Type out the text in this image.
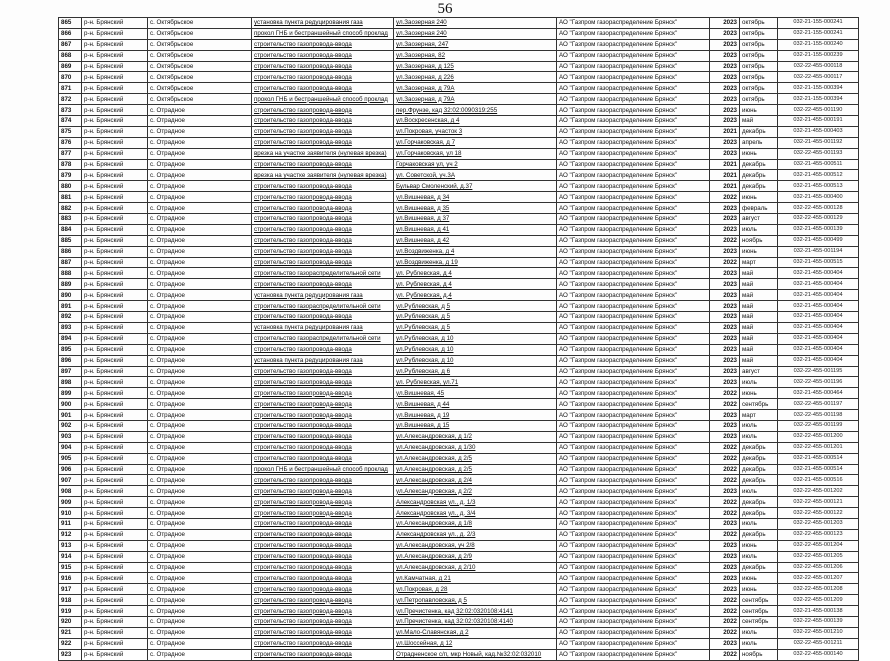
56
865	р-н. Брянский	с. Октябрьское	установка пункта редуцирования газа	ул.Заозерная 240	АО "Газпром газораспределение Брянск"	2023	октябрь	032-21-155-000241
866	р-н. Брянский	с. Октябрьское	прокол ГНБ и бестраншейный способ проклад	ул.Заозерная 240	АО "Газпром газораспределение Брянск"	2023	октябрь	032-21-155-000241
867	р-н. Брянский	с. Октябрьское	строительство газопровода-ввода	ул.Заозерная, 247	АО "Газпром газораспределение Брянск"	2023	октябрь	032-21-155-000240
868	р-н. Брянский	с. Октябрьское	строительство газопровода-ввода	ул.Заозерная, 82	АО "Газпром газораспределение Брянск"	2023	октябрь	032-21-155-000239
869	р-н. Брянский	с. Октябрьское	строительство газопровода-ввода	ул.Заозерная, д 125	АО "Газпром газораспределение Брянск"	2023	октябрь	032-22-455-000118
870	р-н. Брянский	с. Октябрьское	строительство газопровода-ввода	ул.Заозерная, д 226	АО "Газпром газораспределение Брянск"	2023	октябрь	032-22-455-000117
871	р-н. Брянский	с. Октябрьское	строительство газопровода-ввода	ул.Заозерная, д 79А	АО "Газпром газораспределение Брянск"	2023	октябрь	032-21-155-000394
872	р-н. Брянский	с. Октябрьское	прокол ГНБ и бестраншейный способ проклад	ул.Заозерная, д 79А	АО "Газпром газораспределение Брянск"	2023	октябрь	032-21-155-000394
873	р-н. Брянский	с. Отрадное	строительство газопровода-ввода	пер.Фрунзе, кад 32:02:0090319:255	АО "Газпром газораспределение Брянск"	2023	июнь	032-22-455-001190
874	р-н. Брянский	с. Отрадное	строительство газопровода-ввода	ул.Воскресенская, д 4	АО "Газпром газораспределение Брянск"	2023	май	032-21-455-000191
875	р-н. Брянский	с. Отрадное	строительство газопровода-ввода	ул.Покровая, участок 3	АО "Газпром газораспределение Брянск"	2021	декабрь	032-21-455-000403
876	р-н. Брянский	с. Отрадное	строительство газопровода-ввода	ул.Горчаковская, д 7	АО "Газпром газораспределение Брянск"	2023	апрель	032-21-455-001192
877	р-н. Брянский	с. Отрадное	врезка на участке заявителя (нулевая врезка)	ул.Горчаковская, ул 18	АО "Газпром газораспределение Брянск"	2023	июнь	032-22-455-001193
878	р-н. Брянский	с. Отрадное	строительство газопровода-ввода	Горчаковская ул, уч 2	АО "Газпром газораспределение Брянск"	2021	декабрь	032-21-455-000511
879	р-н. Брянский	с. Отрадное	врезка на участке заявителя (нулевая врезка)	ул. Советской, уч.3А	АО "Газпром газораспределение Брянск"	2021	декабрь	032-21-455-000512
880	р-н. Брянский	с. Отрадное	строительство газопровода-ввода	Бульвар Смоленский, д.37	АО "Газпром газораспределение Брянск"	2021	декабрь	032-21-455-000513
881	р-н. Брянский	с. Отрадное	строительство газопровода-ввода	ул.Вишневая, д 34	АО "Газпром газораспределение Брянск"	2022	июнь	032-21-455-000400
882	р-н. Брянский	с. Отрадное	строительство газопровода-ввода	ул.Вишневая, д 35	АО "Газпром газораспределение Брянск"	2023	февраль	032-22-455-000128
883	р-н. Брянский	с. Отрадное	строительство газопровода-ввода	ул.Вишневая, д 37	АО "Газпром газораспределение Брянск"	2023	август	032-22-455-000129
884	р-н. Брянский	с. Отрадное	строительство газопровода-ввода	ул.Вишневая, д 41	АО "Газпром газораспределение Брянск"	2023	июль	032-21-455-000139
885	р-н. Брянский	с. Отрадное	строительство газопровода-ввода	ул.Вишневая, д 42	АО "Газпром газораспределение Брянск"	2022	ноябрь	032-21-455-000499
886	р-н. Брянский	с. Отрадное	строительство газопровода-ввода	ул.Воздвиженка, д 4	АО "Газпром газораспределение Брянск"	2023	июнь	032-21-455-001194
887	р-н. Брянский	с. Отрадное	строительство газопровода-ввода	ул.Воздвиженка, д 19	АО "Газпром газораспределение Брянск"	2022	март	032-21-455-000515
888	р-н. Брянский	с. Отрадное	строительство газораспределительной сети	ул. Рублевская, д 4	АО "Газпром газораспределение Брянск"	2023	май	032-21-455-000404
889	р-н. Брянский	с. Отрадное	строительство газопровода-ввода	ул. Рублевская, д 4	АО "Газпром газораспределение Брянск"	2023	май	032-21-455-000404
890	р-н. Брянский	с. Отрадное	установка пункта редуцирования газа	ул. Рублевская, д.4	АО "Газпром газораспределение Брянск"	2023	май	032-21-455-000404
891	р-н. Брянский	с. Отрадное	строительство газораспределительной сети	ул.Рублевская, д 5	АО "Газпром газораспределение Брянск"	2023	май	032-21-455-000404
892	р-н. Брянский	с. Отрадное	строительство газопровода-ввода	ул.Рублевская, д 5	АО "Газпром газораспределение Брянск"	2023	май	032-21-455-000404
893	р-н. Брянский	с. Отрадное	установка пункта редуцирования газа	ул.Рублевская, д 5	АО "Газпром газораспределение Брянск"	2023	май	032-21-455-000404
894	р-н. Брянский	с. Отрадное	строительство газораспределительной сети	ул.Рублевская, д 10	АО "Газпром газораспределение Брянск"	2023	май	032-21-455-000404
895	р-н. Брянский	с. Отрадное	строительство газопровода-ввода	ул.Рублевская, д 10	АО "Газпром газораспределение Брянск"	2023	май	032-21-455-000404
896	р-н. Брянский	с. Отрадное	установка пункта редуцирования газа	ул.Рублевская, д 10	АО "Газпром газораспределение Брянск"	2023	май	032-21-455-000404
897	р-н. Брянский	с. Отрадное	строительство газопровода-ввода	ул.Рублевская, д 6	АО "Газпром газораспределение Брянск"	2023	август	032-22-455-001195
898	р-н. Брянский	с. Отрадное	строительство газопровода-ввода	ул. Рублевская, ул.71	АО "Газпром газораспределение Брянск"	2023	июль	032-22-455-001196
899	р-н. Брянский	с. Отрадное	строительство газопровода-ввода	ул.Вишневая, 45	АО "Газпром газораспределение Брянск"	2022	июнь	032-21-455-000464
900	р-н. Брянский	с. Отрадное	строительство газопровода-ввода	ул.Вишневая, д 44	АО "Газпром газораспределение Брянск"	2022	сентябрь	032-22-455-001197
901	р-н. Брянский	с. Отрадное	строительство газопровода-ввода	ул.Вишневая, д 19	АО "Газпром газораспределение Брянск"	2023	март	032-22-455-001198
902	р-н. Брянский	с. Отрадное	строительство газопровода-ввода	ул.Вишневая, д 15	АО "Газпром газораспределение Брянск"	2023	июль	032-22-455-001199
903	р-н. Брянский	с. Отрадное	строительство газопровода-ввода	ул.Александровская, д 1/2	АО "Газпром газораспределение Брянск"	2023	июль	032-22-455-001200
904	р-н. Брянский	с. Отрадное	строительство газопровода-ввода	ул.Александровская, д 1/30	АО "Газпром газораспределение Брянск"	2022	декабрь	032-22-455-001201
905	р-н. Брянский	с. Отрадное	строительство газопровода-ввода	ул.Александровская, д 2/5	АО "Газпром газораспределение Брянск"	2022	декабрь	032-21-455-000514
906	р-н. Брянский	с. Отрадное	прокол ГНБ и бестраншейный способ проклад	ул.Александровская, д 2/5	АО "Газпром газораспределение Брянск"	2022	декабрь	032-21-455-000514
907	р-н. Брянский	с. Отрадное	строительство газопровода-ввода	ул.Александровская, д 2/4	АО "Газпром газораспределение Брянск"	2022	декабрь	032-21-455-000516
908	р-н. Брянский	с. Отрадное	строительство газопровода-ввода	ул.Александровская, д 2/2	АО "Газпром газораспределение Брянск"	2023	июль	032-22-455-001202
909	р-н. Брянский	с. Отрадное	строительство газопровода-ввода	Александровская ул., д. 1/3	АО "Газпром газораспределение Брянск"	2022	декабрь	032-22-455-000121
910	р-н. Брянский	с. Отрадное	строительство газопровода-ввода	Александровская ул., д. 3/4	АО "Газпром газораспределение Брянск"	2022	декабрь	032-22-455-000122
911	р-н. Брянский	с. Отрадное	строительство газопровода-ввода	ул.Александровская, д 1/8	АО "Газпром газораспределение Брянск"	2023	июль	032-22-455-001203
912	р-н. Брянский	с. Отрадное	строительство газопровода-ввода	Александровская ул., д. 2/3	АО "Газпром газораспределение Брянск"	2022	декабрь	032-22-455-000123
913	р-н. Брянский	с. Отрадное	строительство газопровода-ввода	ул.Александровская, уч 2/8	АО "Газпром газораспределение Брянск"	2023	июнь	032-22-455-001204
914	р-н. Брянский	с. Отрадное	строительство газопровода-ввода	ул.Александровская, д 2/9	АО "Газпром газораспределение Брянск"	2023	июль	032-22-455-001205
915	р-н. Брянский	с. Отрадное	строительство газопровода-ввода	ул.Александровская, д 2/10	АО "Газпром газораспределение Брянск"	2023	декабрь	032-22-455-001206
916	р-н. Брянский	с. Отрадное	строительство газопровода-ввода	ул.Камчатная, д 21	АО "Газпром газораспределение Брянск"	2023	июнь	032-22-455-001207
917	р-н. Брянский	с. Отрадное	строительство газопровода-ввода	ул.Покровая, д 28	АО "Газпром газораспределение Брянск"	2023	июнь	032-22-455-001208
918	р-н. Брянский	с. Отрадное	строительство газопровода-ввода	ул.Петропавловская, д 5	АО "Газпром газораспределение Брянск"	2022	сентябрь	032-22-455-001209
919	р-н. Брянский	с. Отрадное	строительство газопровода-ввода	ул.Пречистенка, кад 32:02:0320108:4141	АО "Газпром газораспределение Брянск"	2022	сентябрь	032-21-455-000138
920	р-н. Брянский	с. Отрадное	строительство газопровода-ввода	ул.Пречистенка, кад 32:02:0320108:4140	АО "Газпром газораспределение Брянск"	2022	сентябрь	032-22-455-000139
921	р-н. Брянский	с. Отрадное	строительство газопровода-ввода	ул.Мало-Славянская, д 2	АО "Газпром газораспределение Брянск"	2022	июль	032-22-455-001210
922	р-н. Брянский	с. Отрадное	строительство газопровода-ввода	ул.Шоссейная, д 12	АО "Газпром газораспределение Брянск"	2023	июль	032-22-455-001211
923	р-н. Брянский	с. Отрадное	строительство газопровода-ввода	Отрадненское с/п, мкр Новый, кад.№32:02:032010	АО "Газпром газораспределение Брянск"	2022	ноябрь	032-22-455-000140
